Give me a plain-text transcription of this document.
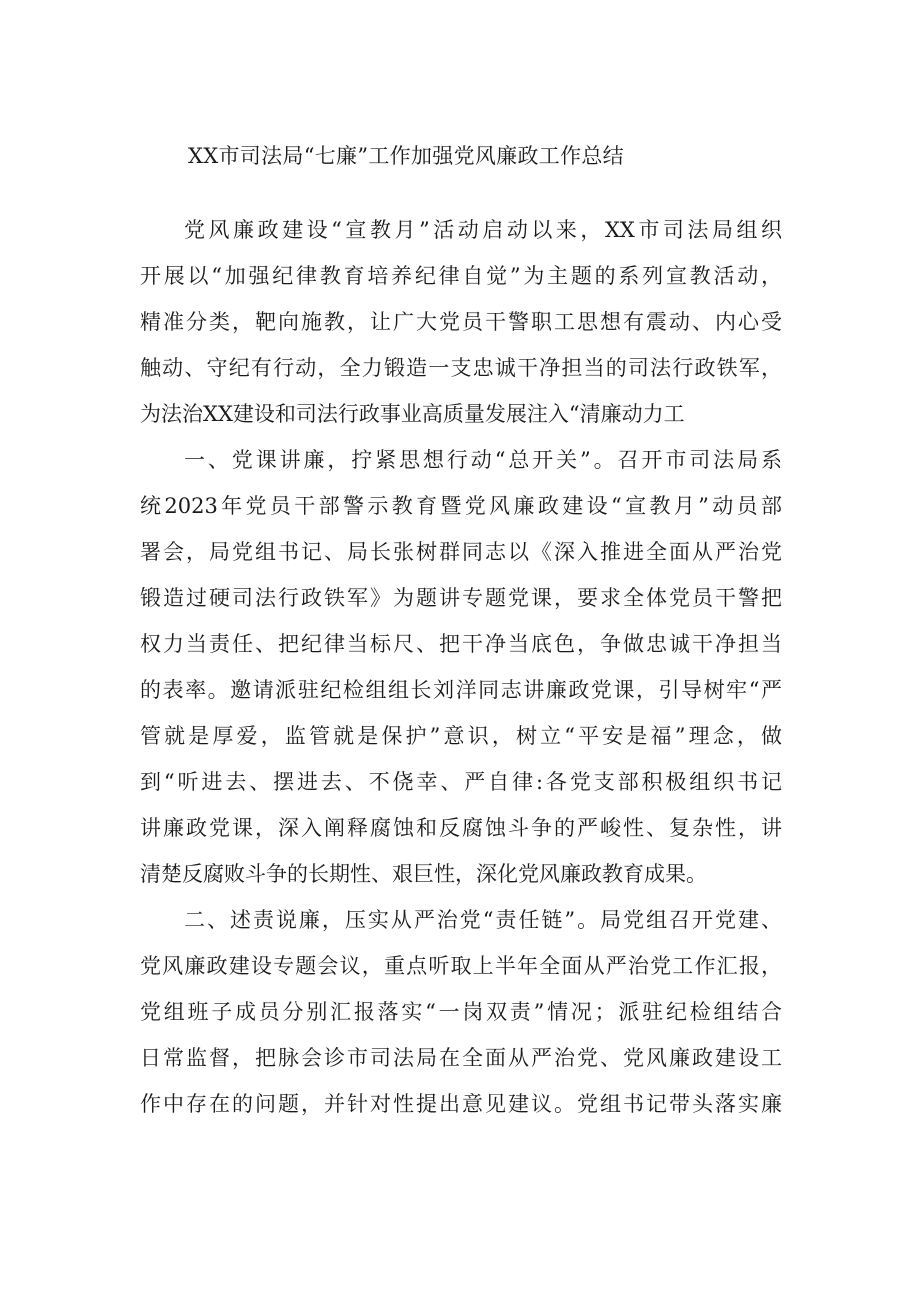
XX市司法局“七廉”工作加强党风廉政工作总结
党风廉政建设“宣教月”活动启动以来，XX市司法局组织
开展以“加强纪律教育培养纪律自觉”为主题的系列宣教活动，
精准分类，靶向施教，让广大党员干警职工思想有震动、内心受
触动、守纪有行动，全力锻造一支忠诚干净担当的司法行政铁军，
为法治XX建设和司法行政事业高质量发展注入“清廉动力工
一、党课讲廉，拧紧思想行动“总开关”。召开市司法局系
统2023年党员干部警示教育暨党风廉政建设“宣教月”动员部
署会，局党组书记、局长张树群同志以《深入推进全面从严治党
锻造过硬司法行政铁军》为题讲专题党课，要求全体党员干警把
权力当责任、把纪律当标尺、把干净当底色，争做忠诚干净担当
的表率。邀请派驻纪检组组长刘洋同志讲廉政党课，引导树牢“严
管就是厚爱，监管就是保护”意识，树立“平安是福”理念，做
到“听进去、摆进去、不侥幸、严自律:各党支部积极组织书记
讲廉政党课，深入阐释腐蚀和反腐蚀斗争的严峻性、复杂性，讲
清楚反腐败斗争的长期性、艰巨性，深化党风廉政教育成果。
二、述责说廉，压实从严治党“责任链”。局党组召开党建、
党风廉政建设专题会议，重点听取上半年全面从严治党工作汇报，
党组班子成员分别汇报落实“一岗双责”情况；派驻纪检组结合
日常监督，把脉会诊市司法局在全面从严治党、党风廉政建设工
作中存在的问题，并针对性提出意见建议。党组书记带头落实廉
